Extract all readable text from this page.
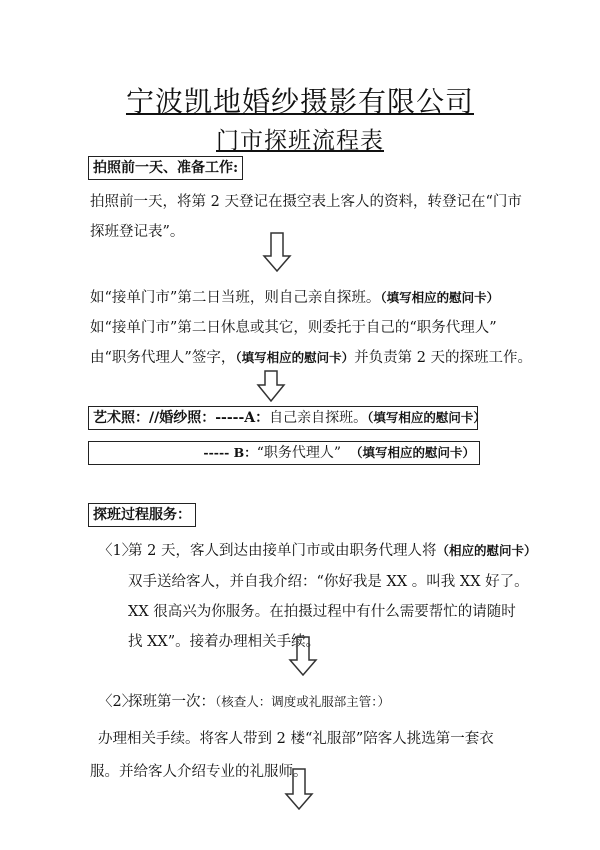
宁波凯地婚纱摄影有限公司
门市探班流程表
拍照前一天、准备工作:
拍照前一天，将第 2 天登记在摄空表上客人的资料，转登记在“门市
探班登记表”。
如“接单门市”第二日当班，则自己亲自探班。（填写相应的慰问卡）
如“接单门市”第二日休息或其它，则委托于自己的“职务代理人”
由“职务代理人”签字，（填写相应的慰问卡）并负责第 2 天的探班工作。
艺术照：//婚纱照：-----A：自己亲自探班。（填写相应的慰问卡）
----- B：“职务代理人” （填写相应的慰问卡）
探班过程服务：
〈1〉
第 2 天，客人到达由接单门市或由职务代理人将（相应的慰问卡）
双手送给客人，并自我介绍：“你好我是 XX 。叫我 XX 好了。
XX 很高兴为你服务。在拍摄过程中有什么需要帮忙的请随时
找 XX”。接着办理相关手续。
〈2〉
探班第一次：（核查人：调度或礼服部主管：）
办理相关手续。将客人带到 2 楼“礼服部”陪客人挑选第一套衣
服。并给客人介绍专业的礼服师。
